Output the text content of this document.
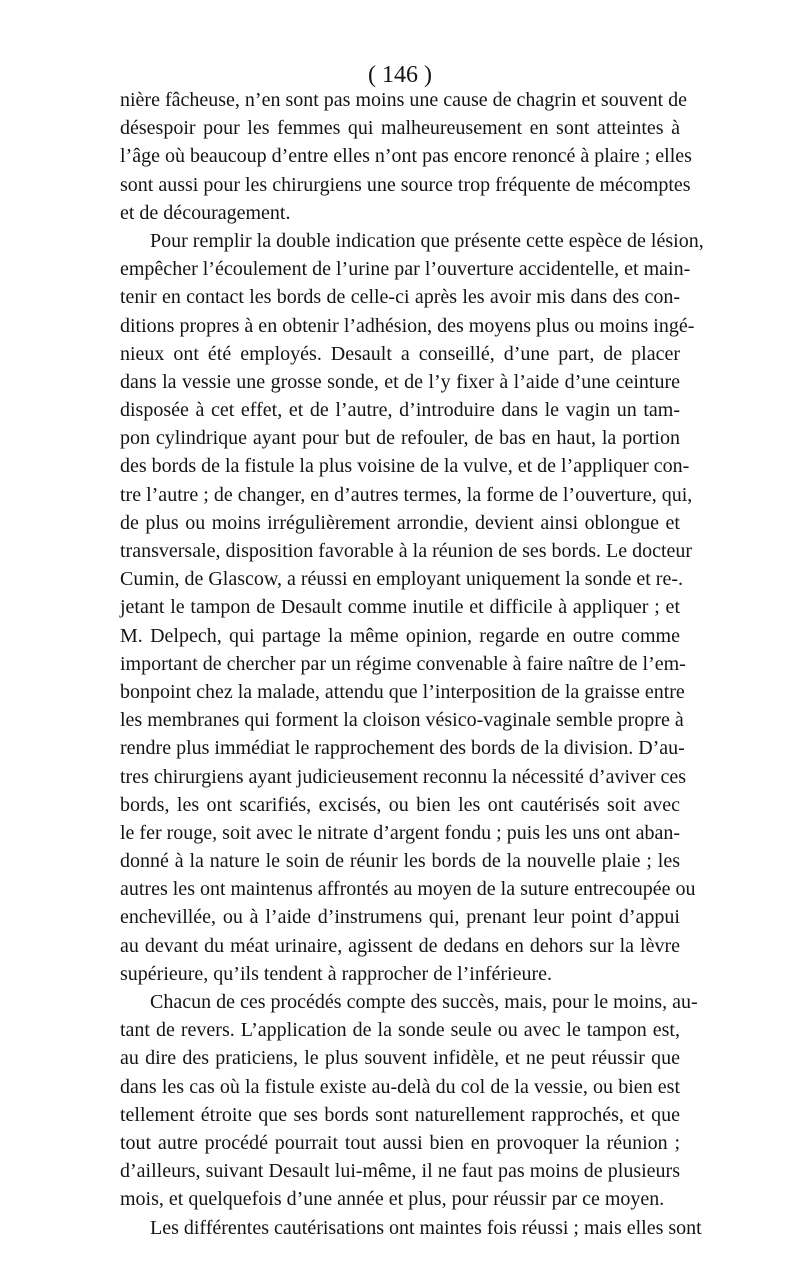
( 146 )
nière fâcheuse, n’en sont pas moins une cause de chagrin et souvent de
désespoir pour les femmes qui malheureusement en sont atteintes à
l’âge où beaucoup d’entre elles n’ont pas encore renoncé à plaire ; elles
sont aussi pour les chirurgiens une source trop fréquente de mécomptes
et de découragement.
Pour remplir la double indication que présente cette espèce de lésion,
empêcher l’écoulement de l’urine par l’ouverture accidentelle, et main-
tenir en contact les bords de celle-ci après les avoir mis dans des con-
ditions propres à en obtenir l’adhésion, des moyens plus ou moins ingé-
nieux ont été employés. Desault a conseillé, d’une part, de placer
dans la vessie une grosse sonde, et de l’y fixer à l’aide d’une ceinture
disposée à cet effet, et de l’autre, d’introduire dans le vagin un tam-
pon cylindrique ayant pour but de refouler, de bas en haut, la portion
des bords de la fistule la plus voisine de la vulve, et de l’appliquer con-
tre l’autre ; de changer, en d’autres termes, la forme de l’ouverture, qui,
de plus ou moins irrégulièrement arrondie, devient ainsi oblongue et
transversale, disposition favorable à la réunion de ses bords. Le docteur
Cumin, de Glascow, a réussi en employant uniquement la sonde et re-.
jetant le tampon de Desault comme inutile et difficile à appliquer ; et
M. Delpech, qui partage la même opinion, regarde en outre comme
important de chercher par un régime convenable à faire naître de l’em-
bonpoint chez la malade, attendu que l’interposition de la graisse entre
les membranes qui forment la cloison vésico-vaginale semble propre à
rendre plus immédiat le rapprochement des bords de la division. D’au-
tres chirurgiens ayant judicieusement reconnu la nécessité d’aviver ces
bords, les ont scarifiés, excisés, ou bien les ont cautérisés soit avec
le fer rouge, soit avec le nitrate d’argent fondu ; puis les uns ont aban-
donné à la nature le soin de réunir les bords de la nouvelle plaie ; les
autres les ont maintenus affrontés au moyen de la suture entrecoupée ou
enchevillée, ou à l’aide d’instrumens qui, prenant leur point d’appui
au devant du méat urinaire, agissent de dedans en dehors sur la lèvre
supérieure, qu’ils tendent à rapprocher de l’inférieure.
Chacun de ces procédés compte des succès, mais, pour le moins, au-
tant de revers. L’application de la sonde seule ou avec le tampon est,
au dire des praticiens, le plus souvent infidèle, et ne peut réussir que
dans les cas où la fistule existe au-delà du col de la vessie, ou bien est
tellement étroite que ses bords sont naturellement rapprochés, et que
tout autre procédé pourrait tout aussi bien en provoquer la réunion ;
d’ailleurs, suivant Desault lui-même, il ne faut pas moins de plusieurs
mois, et quelquefois d’une année et plus, pour réussir par ce moyen.
Les différentes cautérisations ont maintes fois réussi ; mais elles sont
